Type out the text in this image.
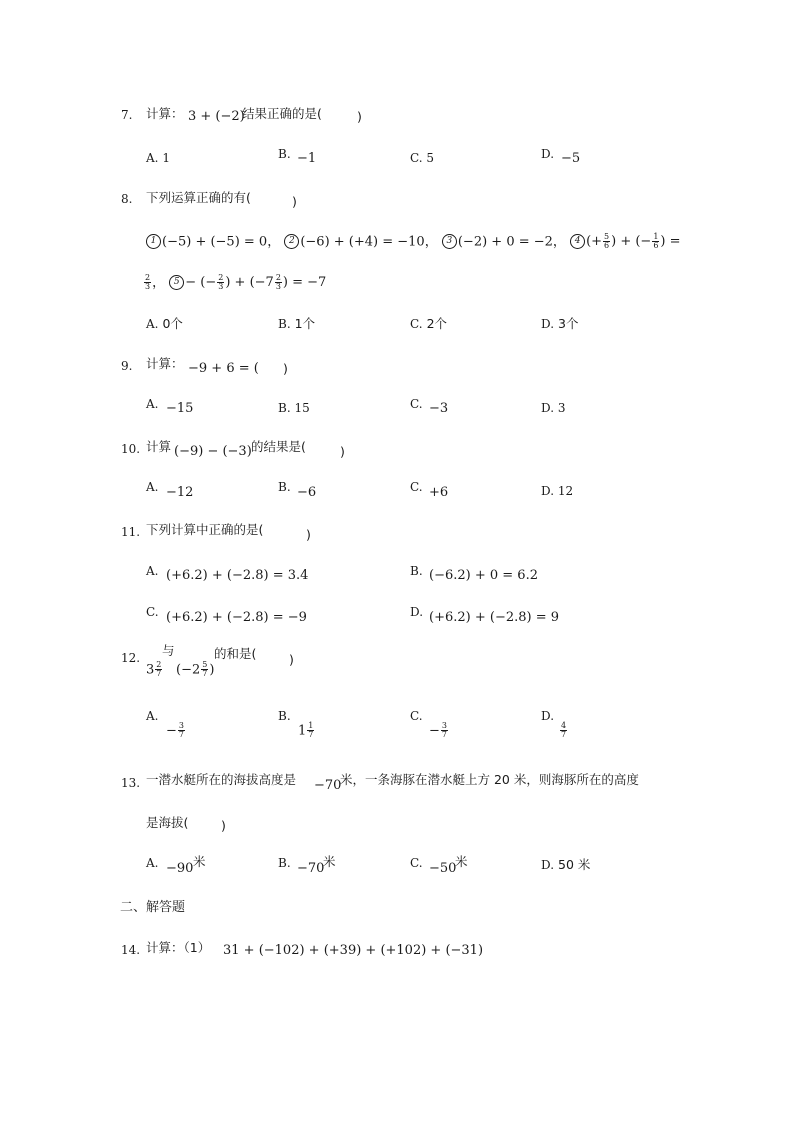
7. 计算： 3 + (−2)
结果正确的是(	)
A. 1	B. −1	C. 5	D. −5
8. 下列运算正确的有(	)
1 (−5) + (−5) = 0， 2 (−6) + (+4) = −10， 3 (−2) + 0 = −2， 4 (+ $\frac{5}{6}$ ) + (− $\frac{1}{6}$ ) =
$\frac{2}{3}$ ， 5 − (− $\frac{2}{3}$ ) + ($-7 \frac{2}{3}$ ) = −7
A. 0个	B. 1个	C. 2个	D. 3个
9. 计算： −9 + 6 = ( )
A. −15	B. 15	C. −3	D. 3
10. 计算 (−9) − (−3) 的结果是(	)
A. −12	B. −6	C. +6	D. 12
11. 下列计算中正确的是(	)
A. (+6.2) + (−2.8) = 3.4	B. (−6.2) + 0 = 6.2
C. (+6.2) + (−2.8) = −9	D. (+6.2) + (−2.8) = 9
12.
$3 \frac{2}{7}$
与
($-2 \frac{5}{7}$ )
的和是(	)
A.
− $\frac{3}{7}$
B.
$1 \frac{1}{7}$
C.
− $\frac{3}{7}$
D.
$\frac{4}{7}$
13. 一潜水艇所在的海拔高度是 −70
米，一条海豚在潜水艇上方 20 米，则海豚所在的高度
是海拔(	)
A. −90 米	B. −70
米	C. −50
米	D. 50 米
二、解答题
14. 计算：（1） 31 + (−102) + (+39) + (+102) + (−31)
